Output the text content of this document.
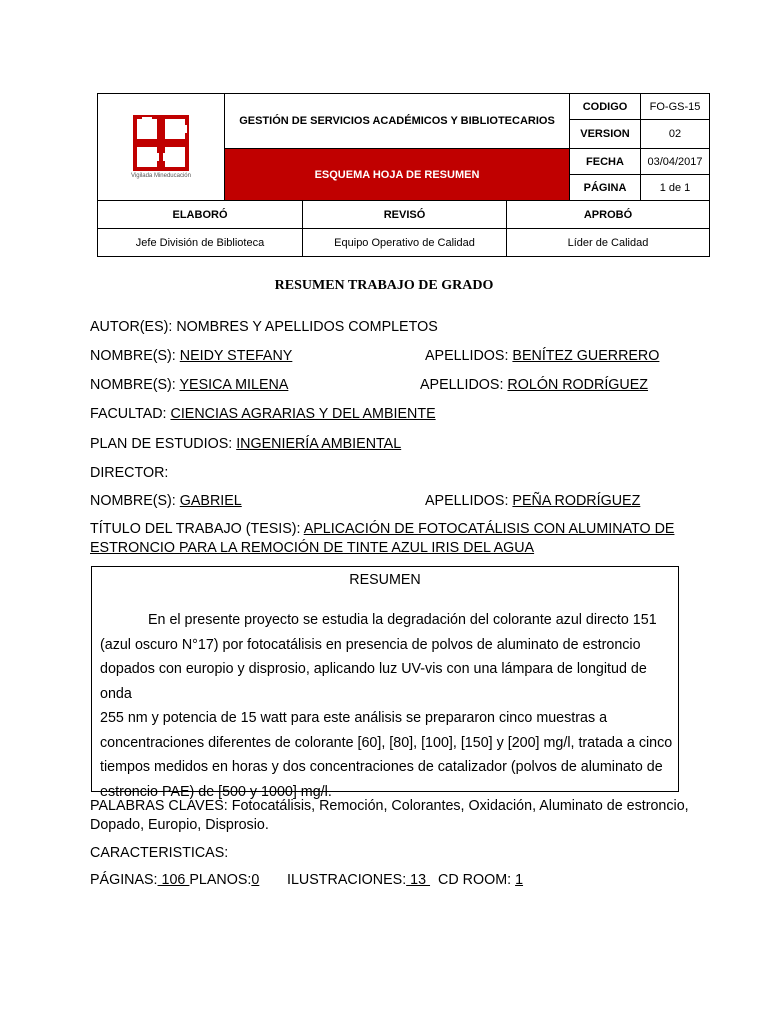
Vigilada Mineducación
GESTIÓN DE SERVICIOS ACADÉMICOS Y BIBLIOTECARIOS
ESQUEMA HOJA DE RESUMEN
CODIGO	FO-GS-15
VERSION	02
FECHA	03/04/2017
PÁGINA	1 de 1
ELABORÓ	REVISÓ	APROBÓ
Jefe División de Biblioteca	Equipo Operativo de Calidad	Líder de Calidad
RESUMEN TRABAJO DE GRADO
AUTOR(ES): NOMBRES Y APELLIDOS COMPLETOS
NOMBRE(S): NEIDY STEFANY	APELLIDOS: BENÍTEZ GUERRERO
NOMBRE(S): YESICA MILENA	APELLIDOS: ROLÓN RODRÍGUEZ
FACULTAD: CIENCIAS AGRARIAS Y DEL AMBIENTE
PLAN DE ESTUDIOS: INGENIERÍA AMBIENTAL
DIRECTOR:
NOMBRE(S): GABRIEL	APELLIDOS: PEÑA RODRÍGUEZ
TÍTULO DEL TRABAJO (TESIS): APLICACIÓN DE FOTOCATÁLISIS CON ALUMINATO DE
ESTRONCIO PARA LA REMOCIÓN DE TINTE AZUL IRIS DEL AGUA
RESUMEN

En el presente proyecto se estudia la degradación del colorante azul directo 151

(azul oscuro N°17) por fotocatálisis en presencia de polvos de aluminato de estroncio

dopados con europio y disprosio, aplicando luz UV-vis con una lámpara de longitud de onda

255 nm y potencia de 15 watt para este análisis se prepararon cinco muestras a

concentraciones diferentes de colorante [60], [80], [100], [150] y [200] mg/l, tratada a cinco

tiempos medidos en horas y dos concentraciones de catalizador (polvos de aluminato de

estroncio PAE) de [500 y 1000] mg/l.

PALABRAS CLAVES: Fotocatálisis, Remoción, Colorantes, Oxidación, Aluminato de estroncio,
Dopado, Europio, Disprosio.
CARACTERISTICAS:
PÁGINAS: 106 PLANOS:0 ILUSTRACIONES: 13 CD ROOM: 1
